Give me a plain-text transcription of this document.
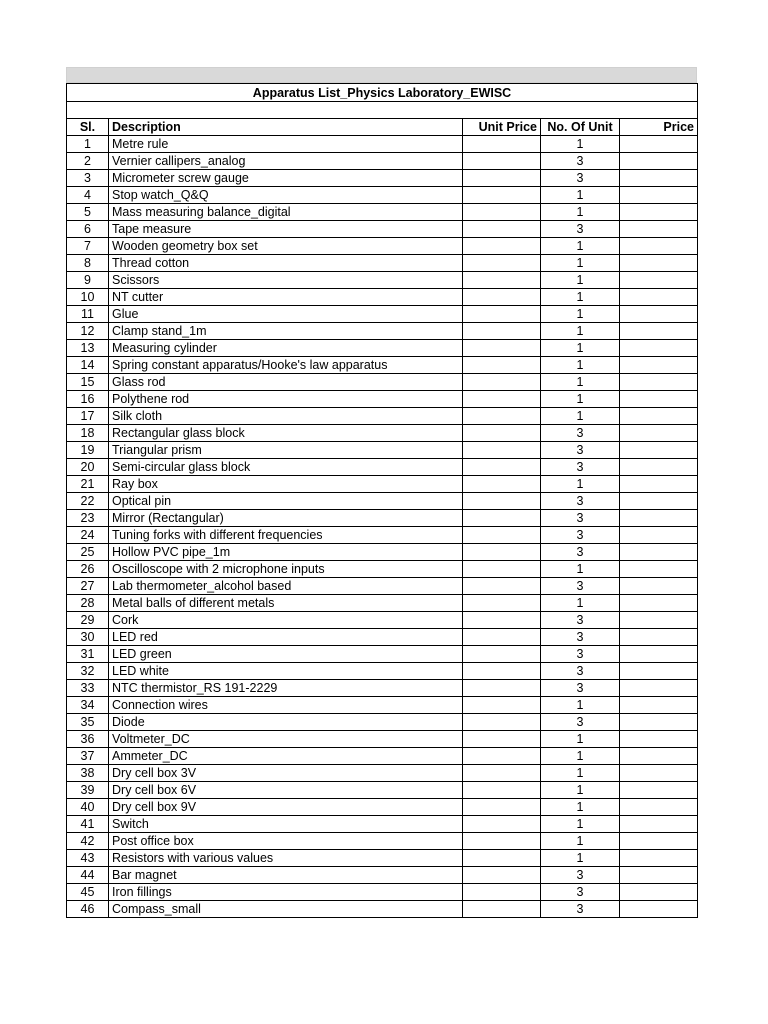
Apparatus List_Physics Laboratory_EWISC				

Sl.	Description	Unit Price	No. Of Unit	Price
1	Metre rule		1	
2	Vernier callipers_analog		3	
3	Micrometer screw gauge		3	
4	Stop watch_Q&Q		1	
5	Mass measuring balance_digital		1	
6	Tape measure		3	
7	Wooden geometry box set		1	
8	Thread cotton		1	
9	Scissors		1	
10	NT cutter		1	
11	Glue		1	
12	Clamp stand_1m		1	
13	Measuring cylinder		1	
14	Spring constant apparatus/Hooke's law apparatus		1	
15	Glass rod		1	
16	Polythene rod		1	
17	Silk cloth		1	
18	Rectangular glass block		3	
19	Triangular prism		3	
20	Semi-circular glass block		3	
21	Ray box		1	
22	Optical pin		3	
23	Mirror (Rectangular)		3	
24	Tuning forks with different frequencies		3	
25	Hollow PVC pipe_1m		3	
26	Oscilloscope with 2 microphone inputs		1	
27	Lab thermometer_alcohol based		3	
28	Metal balls of different metals		1	
29	Cork		3	
30	LED red		3	
31	LED green		3	
32	LED white		3	
33	NTC thermistor_RS 191-2229		3	
34	Connection wires		1	
35	Diode		3	
36	Voltmeter_DC		1	
37	Ammeter_DC		1	
38	Dry cell box 3V		1	
39	Dry cell box 6V		1	
40	Dry cell box 9V		1	
41	Switch		1	
42	Post office box		1	
43	Resistors with various values		1	
44	Bar magnet		3	
45	Iron fillings		3	
46	Compass_small		3	
